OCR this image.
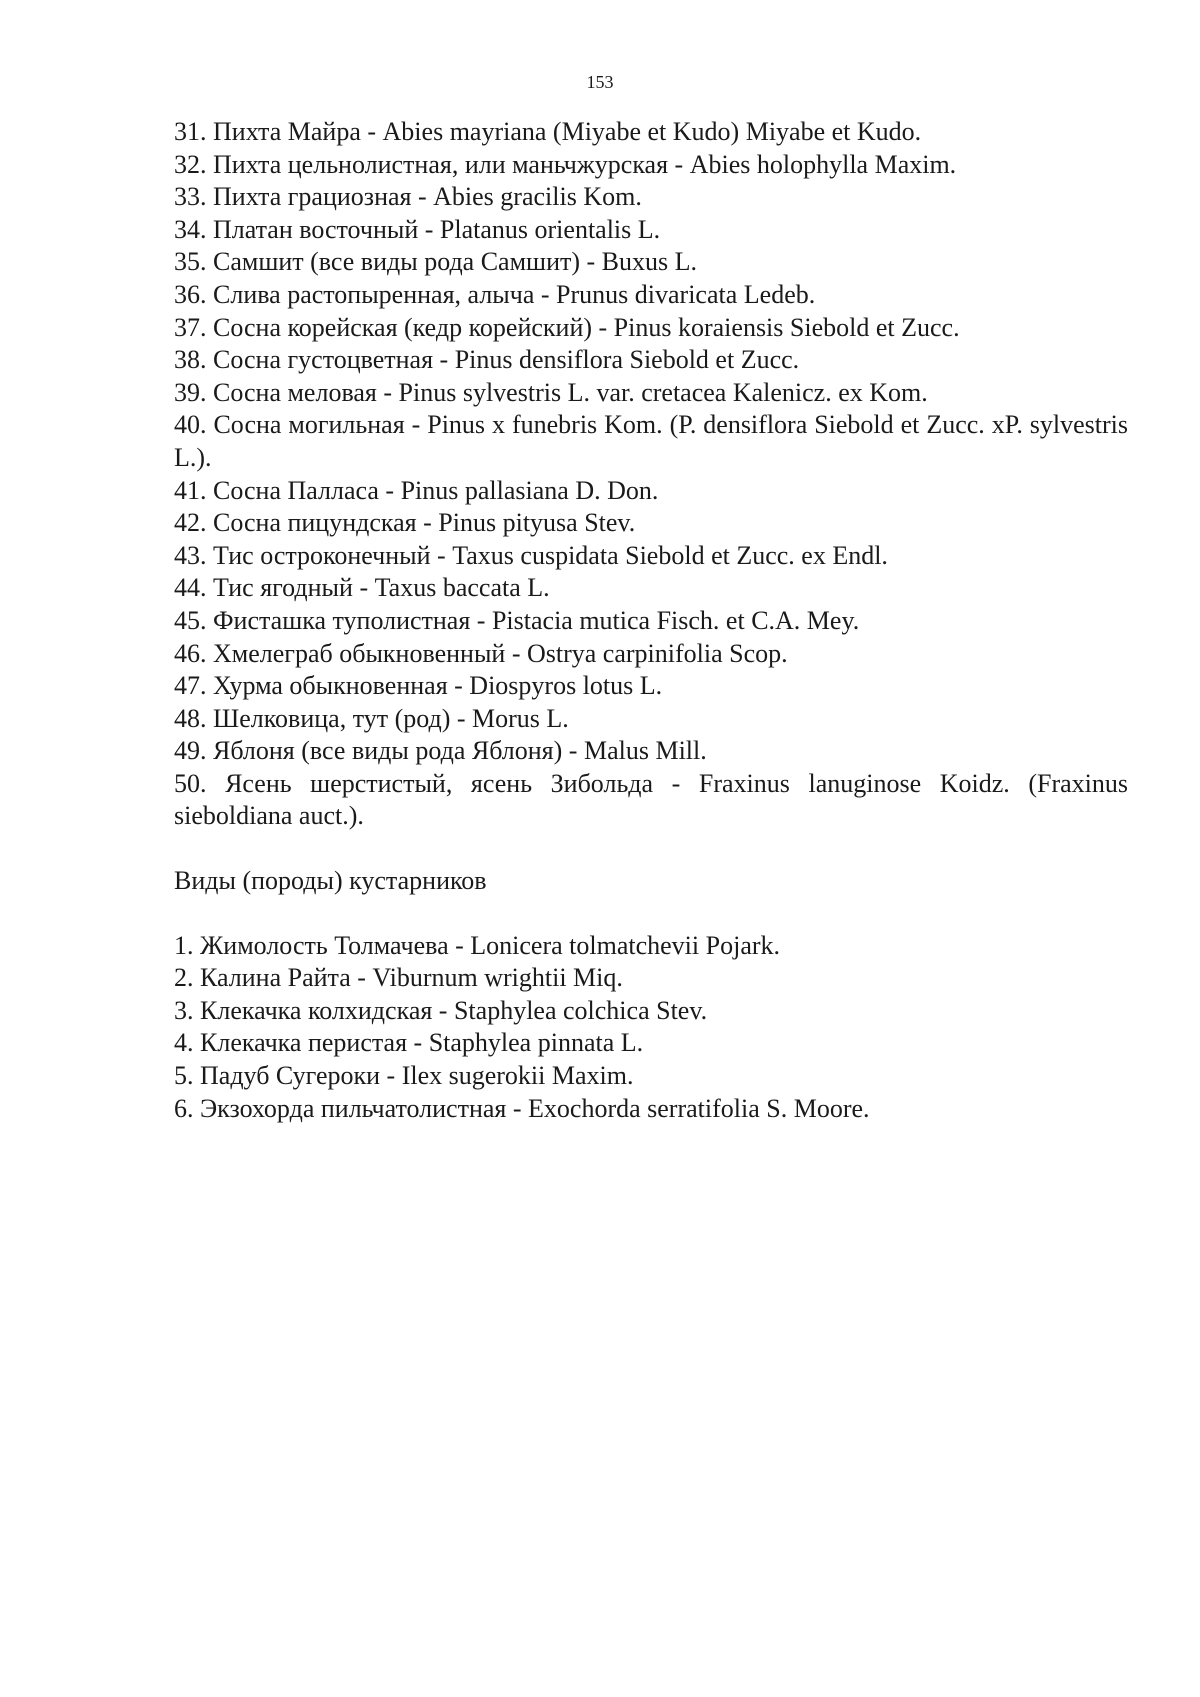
153

31. Пихта Майра - Abies mayriana (Miyabe et Kudo) Miyabe et Kudo.

32. Пихта цельнолистная, или маньчжурская - Abies holophylla Maxim.

33. Пихта грациозная - Abies gracilis Kom.

34. Платан восточный - Platanus orientalis L.

35. Самшит (все виды рода Самшит) - Buxus L.

36. Слива растопыренная, алыча - Prunus divaricata Ledeb.

37. Сосна корейская (кедр корейский) - Pinus koraiensis Siebold et Zucc.

38. Сосна густоцветная - Pinus densiflora Siebold et Zucc.

39. Сосна меловая - Pinus sylvestris L. var. cretacea Kalenicz. ex Kom.

40. Сосна могильная - Pinus x funebris Kom. (P. densiflora Siebold et Zucc. xP. sylvestris L.).

41. Сосна Палласа - Pinus pallasiana D. Don.

42. Сосна пицундская - Pinus pityusa Stev.

43. Тис остроконечный - Taxus cuspidata Siebold et Zucc. ex Endl.

44. Тис ягодный - Taxus baccata L.

45. Фисташка туполистная - Pistacia mutica Fisch. et C.A. Mey.

46. Хмелеграб обыкновенный - Ostrya carpinifolia Scop.

47. Хурма обыкновенная - Diospyros lotus L.

48. Шелковица, тут (род) - Morus L.

49. Яблоня (все виды рода Яблоня) - Malus Mill.

50. Ясень шерстистый, ясень Зибольда - Fraxinus lanuginose Koidz. (Fraxinus sieboldiana auct.).

Виды (породы) кустарников

1. Жимолость Толмачева - Lonicera tolmatchevii Pojark.

2. Калина Райта - Viburnum wrightii Miq.

3. Клекачка колхидская - Staphylea colchica Stev.

4. Клекачка перистая - Staphylea pinnata L.

5. Падуб Сугероки - Ilex sugerokii Maxim.

6. Экзохорда пильчатолистная - Exochorda serratifolia S. Moore.
